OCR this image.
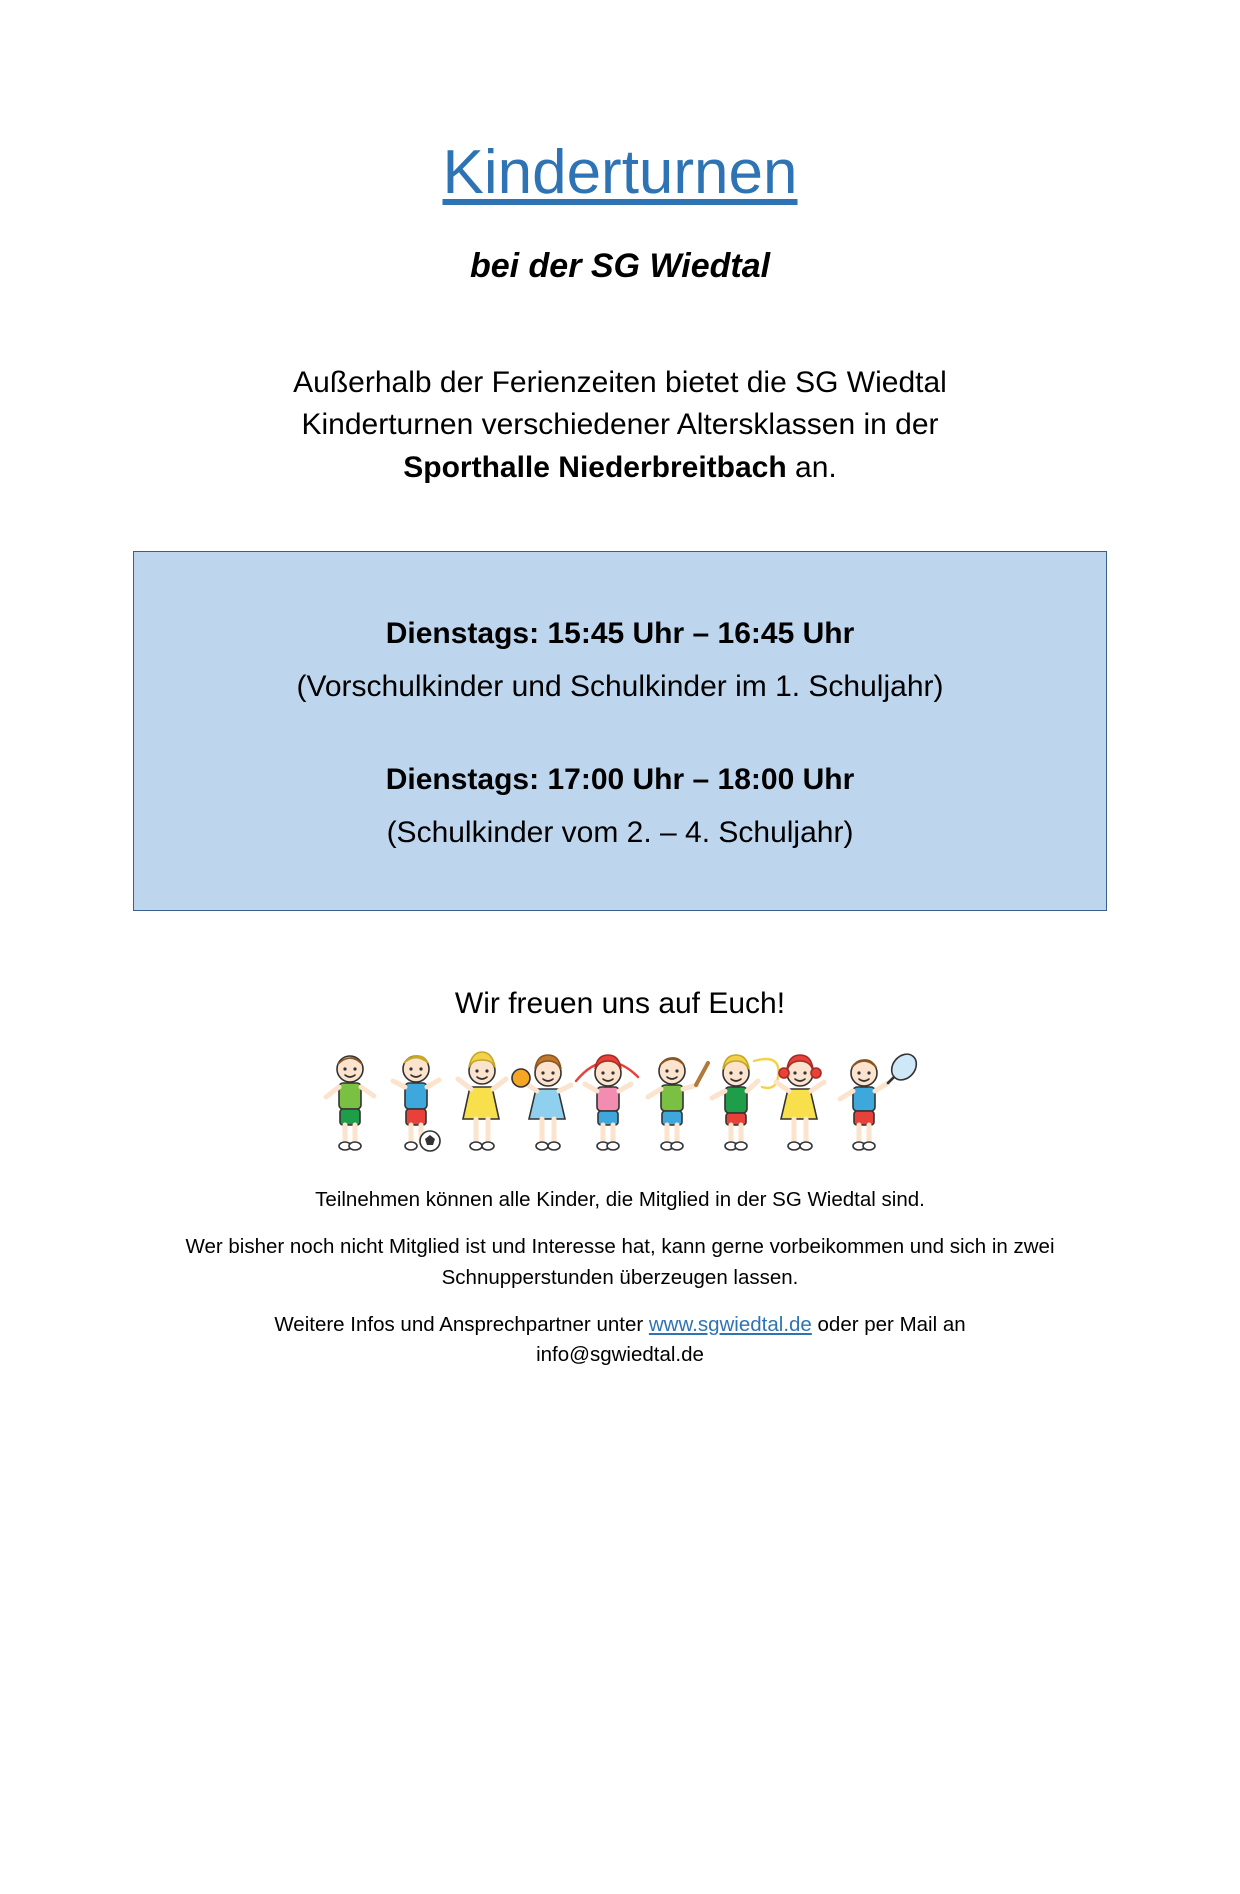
Kinderturnen
bei der SG Wiedtal
Außerhalb der Ferienzeiten bietet die SG Wiedtal
Kinderturnen verschiedener Altersklassen in der
Sporthalle Niederbreitbach an.
Dienstags: 15:45 Uhr – 16:45 Uhr
(Vorschulkinder und Schulkinder im 1. Schuljahr)
Dienstags: 17:00 Uhr – 18:00 Uhr
(Schulkinder vom 2. – 4. Schuljahr)
Wir freuen uns auf Euch!

Teilnehmen können alle Kinder, die Mitglied in der SG Wiedtal sind.

Wer bisher noch nicht Mitglied ist und Interesse hat, kann gerne vorbeikommen und sich in zwei Schnupperstunden überzeugen lassen.

Weitere Infos und Ansprechpartner unter www.sgwiedtal.de oder per Mail an
info@sgwiedtal.de
